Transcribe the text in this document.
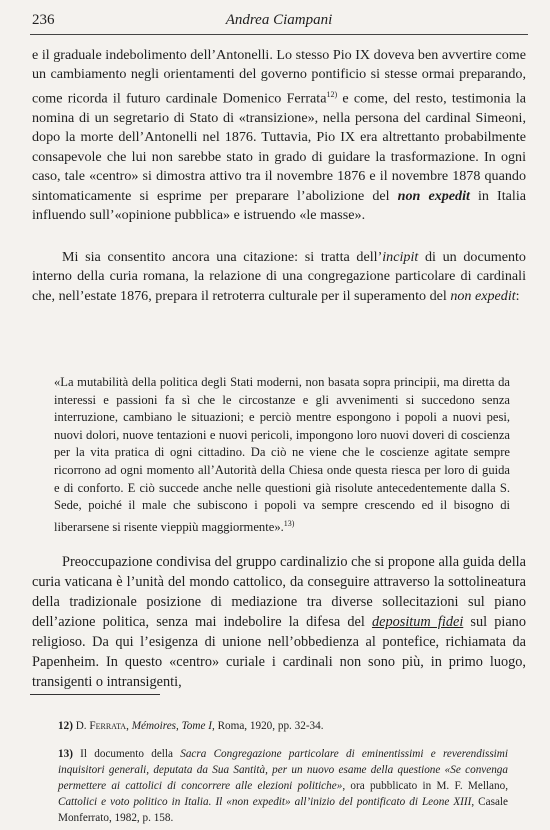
236	Andrea Ciampani

e il graduale indebolimento dell’Antonelli. Lo stesso Pio IX doveva ben avvertire come un cambiamento negli orientamenti del governo pontificio si stesse ormai preparando, come ricorda il futuro cardinale Domenico Ferrata$^{12)}$ e come, del resto, testimonia la nomina di un segretario di Stato di «transizione», nella persona del cardinal Simeoni, dopo la morte dell’Antonelli nel 1876. Tuttavia, Pio IX era altrettanto probabilmente consapevole che lui non sarebbe stato in grado di guidare la trasformazione. In ogni caso, tale «centro» si dimostra attivo tra il novembre 1876 e il novembre 1878 quando sintomaticamente si esprime per preparare l’abolizione del non expedit in Italia influendo sull’«opinione pubblica» e istruendo «le masse».

Mi sia consentito ancora una citazione: si tratta dell’incipit di un documento interno della curia romana, la relazione di una congregazione particolare di cardinali che, nell’estate 1876, prepara il retroterra culturale per il superamento del non expedit:

«La mutabilità della politica degli Stati moderni, non basata sopra principii, ma diretta da interessi e passioni fa sì che le circostanze e gli avvenimenti si succedono senza interruzione, cambiano le situazioni; e perciò mentre espongono i popoli a nuovi pesi, nuovi dolori, nuove tentazioni e nuovi pericoli, impongono loro nuovi doveri di coscienza per la vita pratica di ogni cittadino. Da ciò ne viene che le coscienze agitate sempre ricorrono ad ogni momento all’Autorità della Chiesa onde questa riesca per loro di guida e di conforto. E ciò succede anche nelle questioni già risolute antecedentemente dalla S. Sede, poiché il male che subiscono i popoli va sempre crescendo ed il bisogno di liberarsene si risente vieppiù maggiormente».$^{13)}$

Preoccupazione condivisa del gruppo cardinalizio che si propone alla guida della curia vaticana è l’unità del mondo cattolico, da conseguire attraverso la sottolineatura della tradizionale posizione di mediazione tra diverse sollecitazioni sul piano dell’azione politica, senza mai indebolire la difesa del depositum fidei sul piano religioso. Da qui l’esigenza di unione nell’obbedienza al pontefice, richiamata da Papenheim. In questo «centro» curiale i cardinali non sono più, in primo luogo, transigenti o intransigenti,

12) D. Ferrata, Mémoires, Tome I, Roma, 1920, pp. 32-34.

13) Il documento della Sacra Congregazione particolare di eminentissimi e reverendissimi inquisitori generali, deputata da Sua Santità, per un nuovo esame della questione «Se convenga permettere ai cattolici di concorrere alle elezioni politiche», ora pubblicato in M. F. Mellano, Cattolici e voto politico in Italia. Il «non expedit» all’inizio del pontificato di Leone XIII, Casale Monferrato, 1982, p. 158.
